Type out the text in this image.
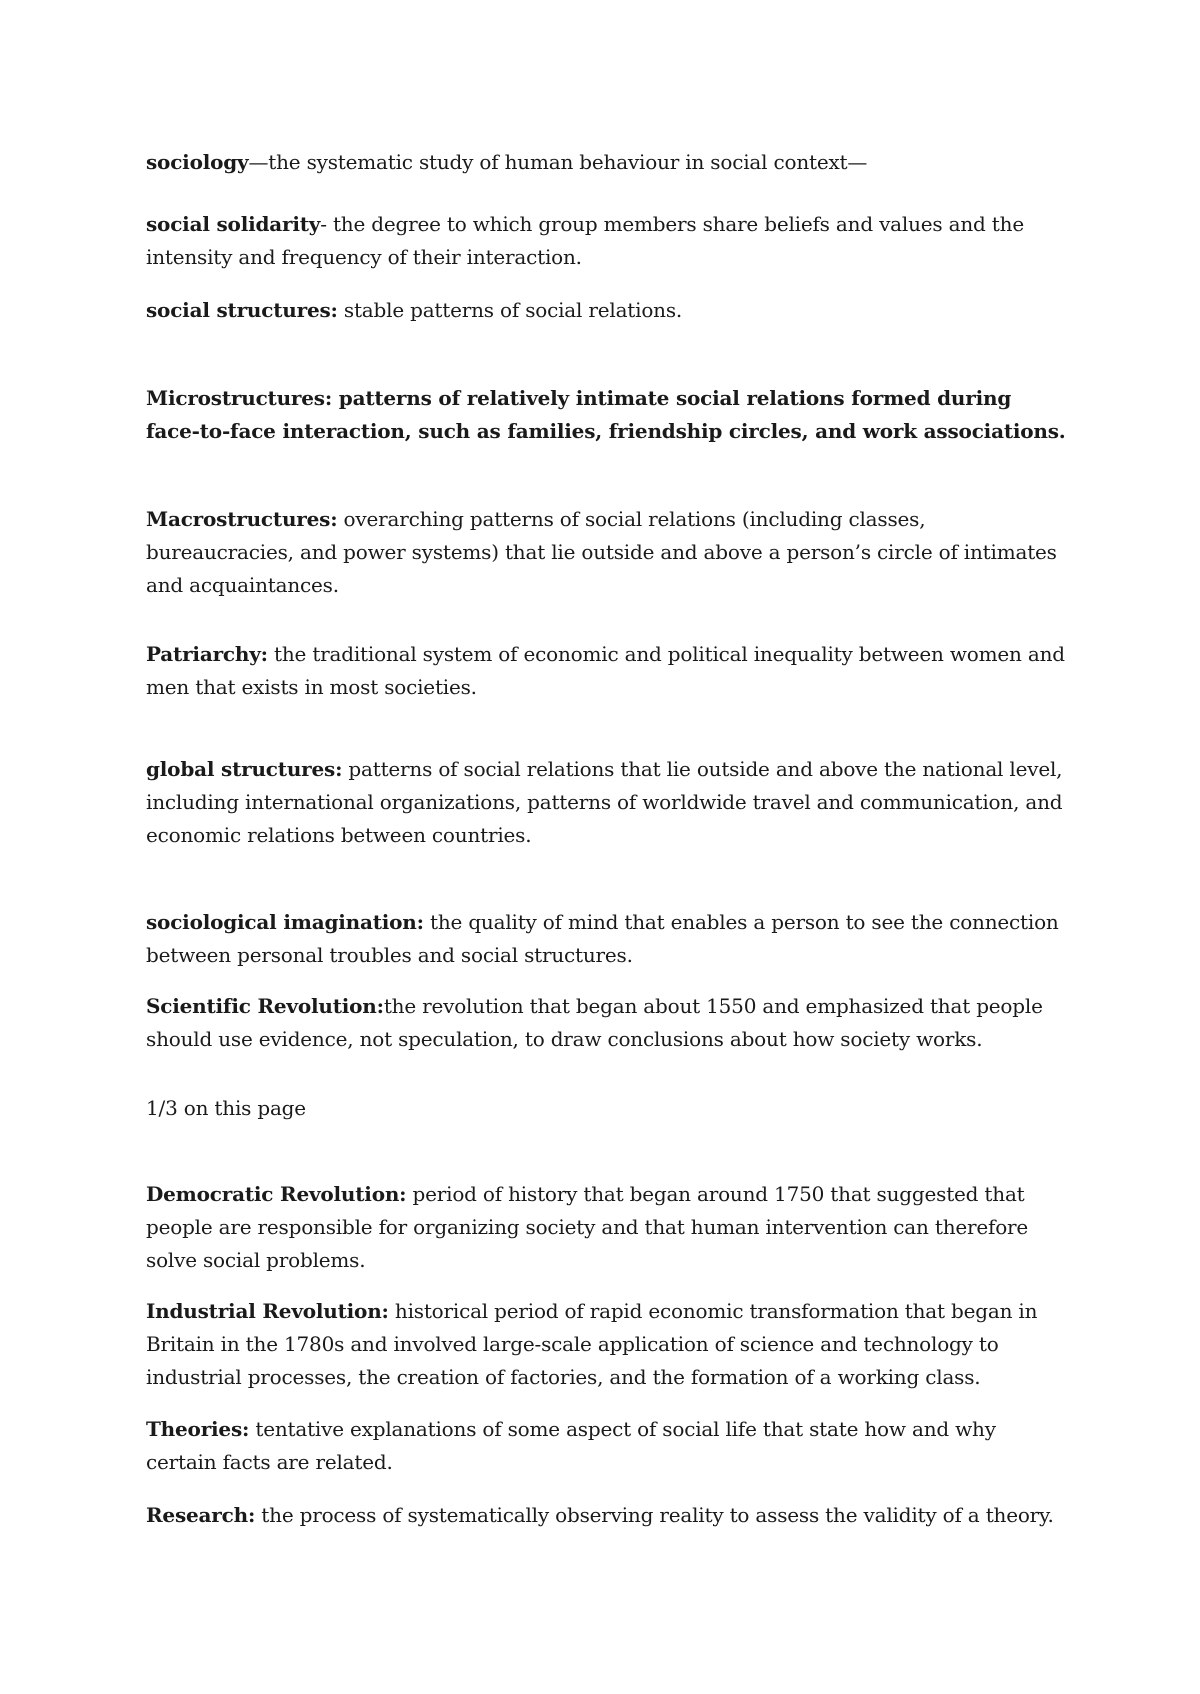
sociology—the systematic study of human behaviour in social context—

social solidarity- the degree to which group members share beliefs and values and the intensity and frequency of their interaction.

social structures: stable patterns of social relations.

Microstructures: patterns of relatively intimate social relations formed during face-to-face interaction, such as families, friendship circles, and work associations.

Macrostructures: overarching patterns of social relations (including classes, bureaucracies, and power systems) that lie outside and above a person’s circle of intimates and acquaintances.

Patriarchy: the traditional system of economic and political inequality between women and men that exists in most societies.

global structures: patterns of social relations that lie outside and above the national level, including international organizations, patterns of worldwide travel and communication, and economic relations between countries.

sociological imagination: the quality of mind that enables a person to see the connection between personal troubles and social structures.

Scientific Revolution:the revolution that began about 1550 and emphasized that people should use evidence, not speculation, to draw conclusions about how society works.

1/3 on this page

Democratic Revolution: period of history that began around 1750 that suggested that people are responsible for organizing society and that human intervention can therefore solve social problems.

Industrial Revolution: historical period of rapid economic transformation that began in Britain in the 1780s and involved large-scale application of science and technology to industrial processes, the creation of factories, and the formation of a working class.

Theories: tentative explanations of some aspect of social life that state how and why certain facts are related.

Research: the process of systematically observing reality to assess the validity of a theory.
